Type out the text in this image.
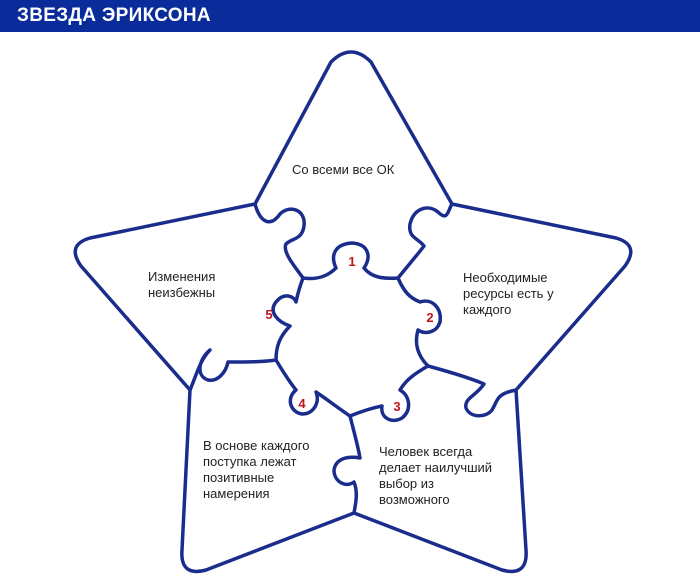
ЗВЕЗДА ЭРИКСОНА
Со всеми все ОК
1
Необходимые
ресурсы есть у
каждого
2
Человек всегда
делает наилучший
выбор из
возможного
3
В основе каждого
поступка лежат
позитивные
намерения
4
Изменения
неизбежны
5
